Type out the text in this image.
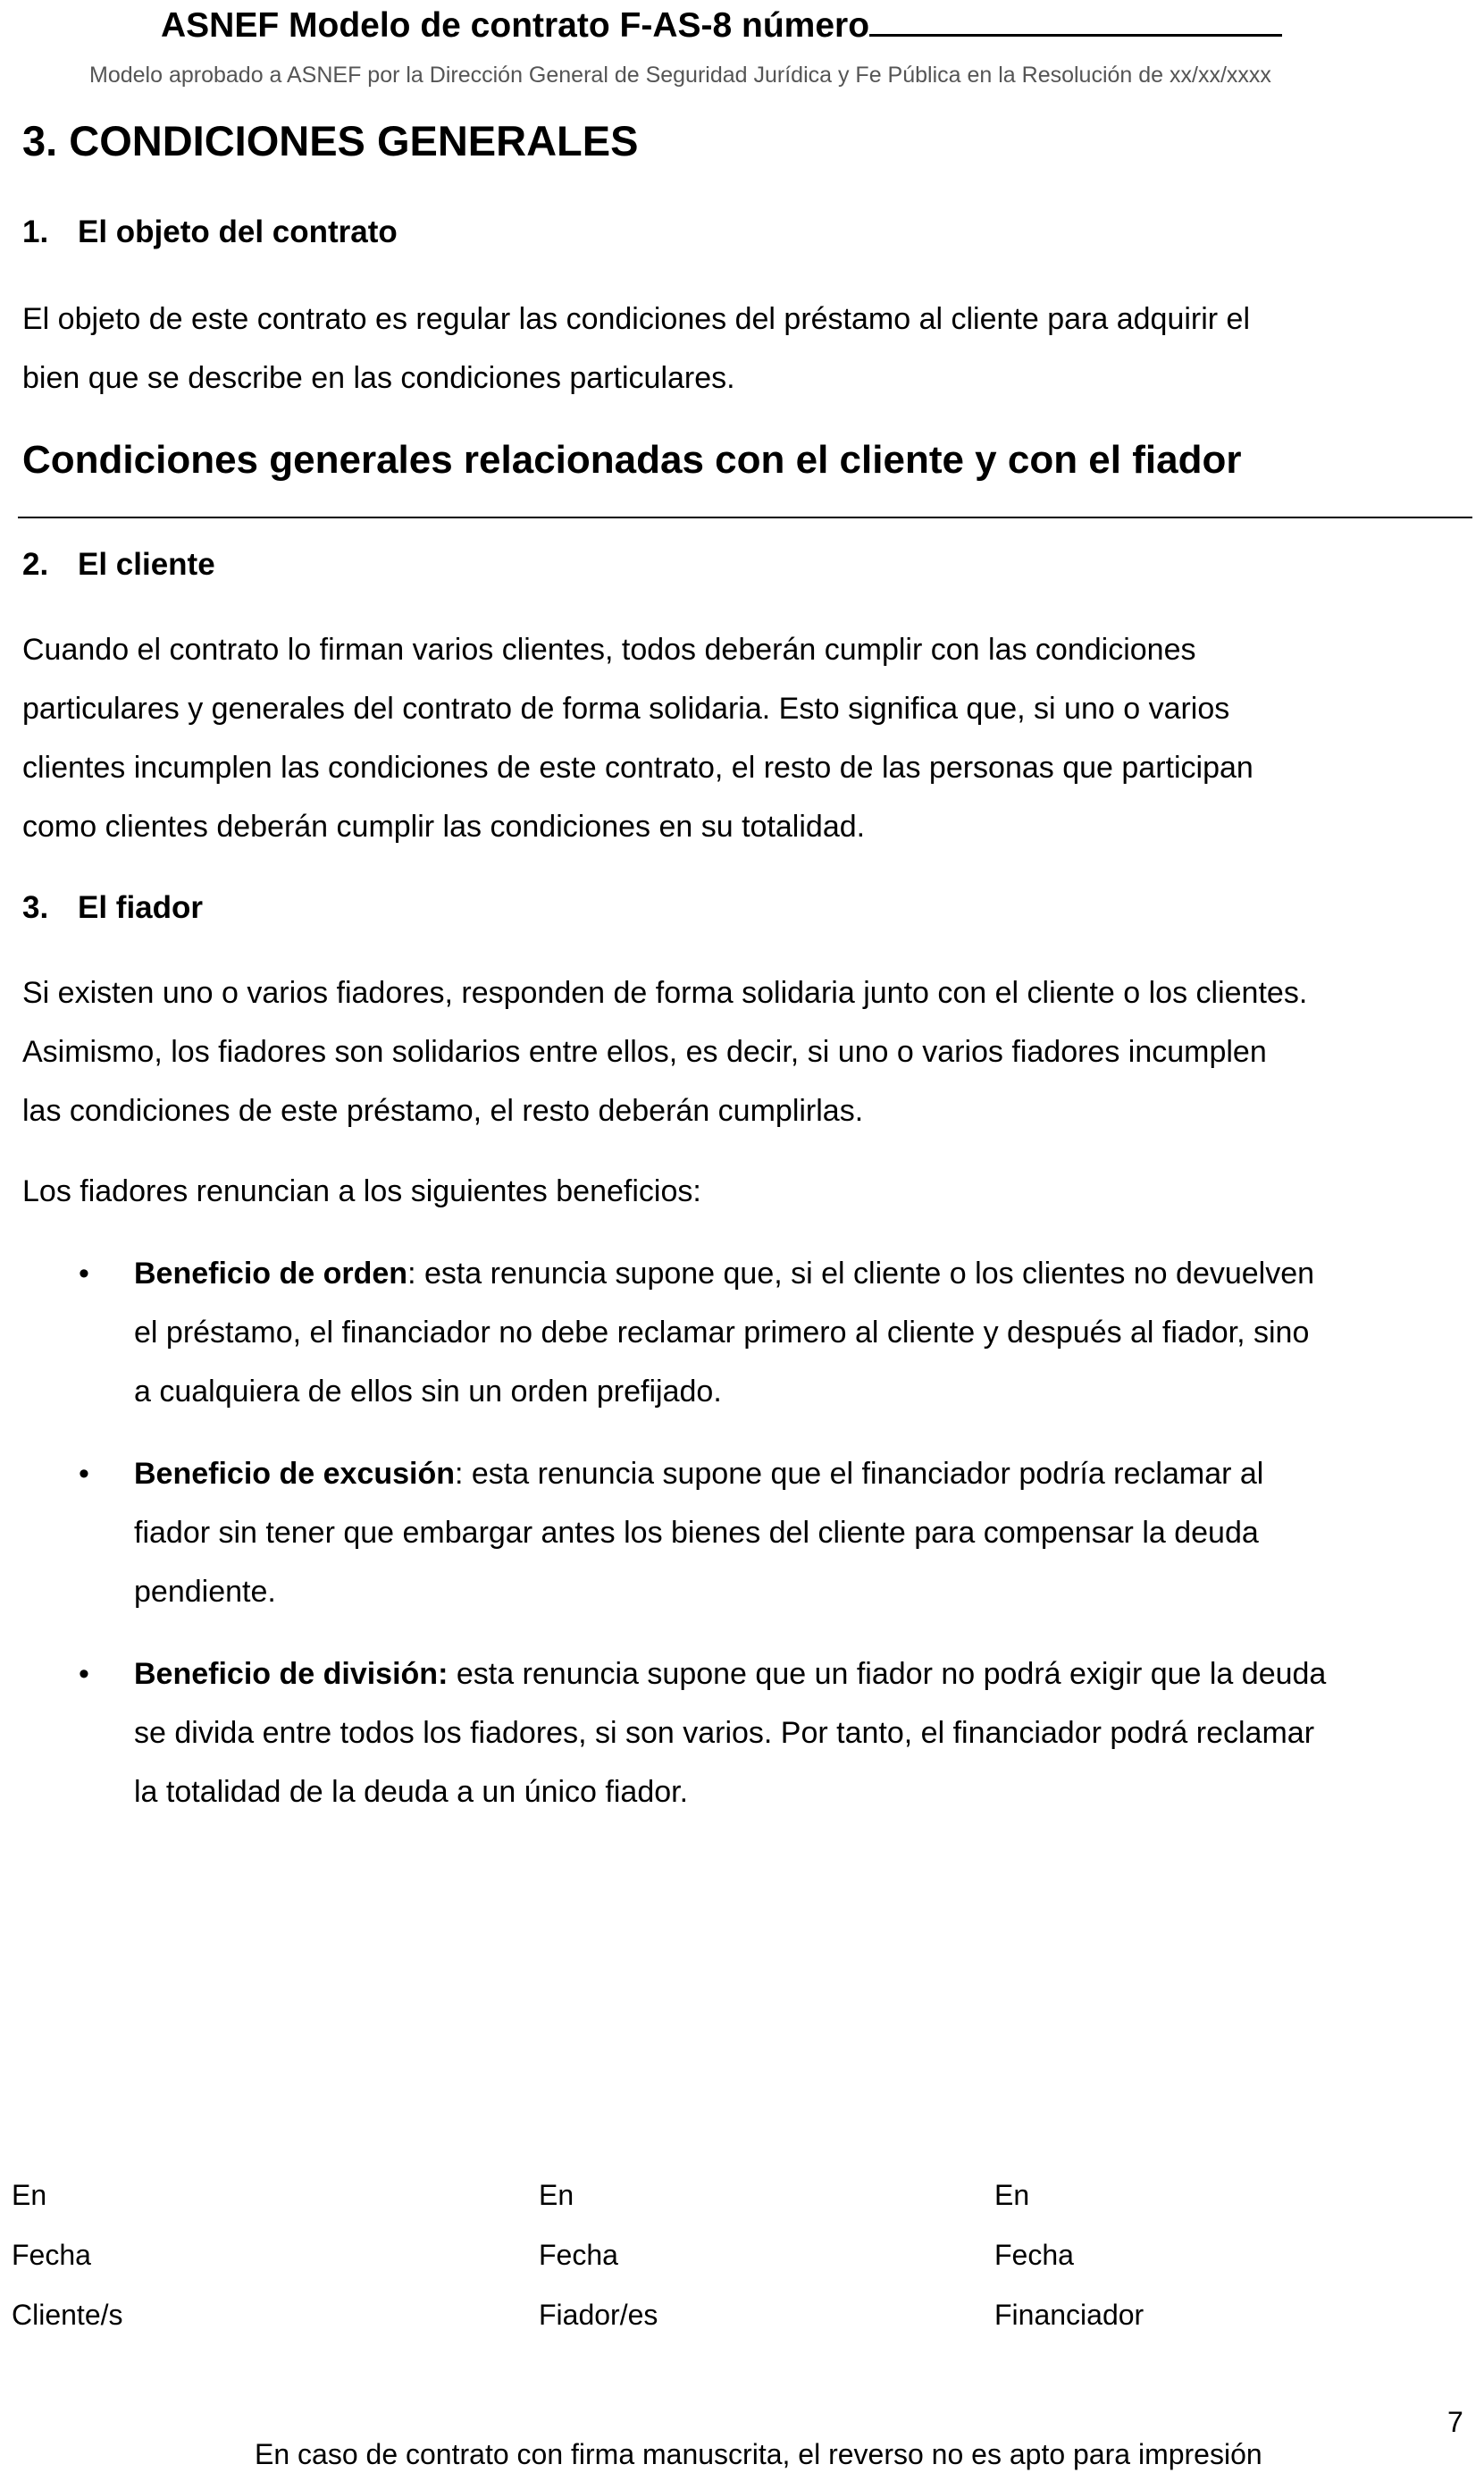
ASNEF Modelo de contrato F-AS-8 número
Modelo aprobado a ASNEF por la Dirección General de Seguridad Jurídica y Fe Pública en la Resolución de xx/xx/xxxx
3. CONDICIONES GENERALES
1. El objeto del contrato
El objeto de este contrato es regular las condiciones del préstamo al cliente para adquirir el
bien que se describe en las condiciones particulares.
Condiciones generales relacionadas con el cliente y con el fiador
2. El cliente
Cuando el contrato lo firman varios clientes, todos deberán cumplir con las condiciones
particulares y generales del contrato de forma solidaria. Esto significa que, si uno o varios
clientes incumplen las condiciones de este contrato, el resto de las personas que participan
como clientes deberán cumplir las condiciones en su totalidad.
3. El fiador
Si existen uno o varios fiadores, responden de forma solidaria junto con el cliente o los clientes.
Asimismo, los fiadores son solidarios entre ellos, es decir, si uno o varios fiadores incumplen
las condiciones de este préstamo, el resto deberán cumplirlas.
Los fiadores renuncian a los siguientes beneficios:
• Beneficio de orden: esta renuncia supone que, si el cliente o los clientes no devuelven
el préstamo, el financiador no debe reclamar primero al cliente y después al fiador, sino
a cualquiera de ellos sin un orden prefijado.
• Beneficio de excusión: esta renuncia supone que el financiador podría reclamar al
fiador sin tener que embargar antes los bienes del cliente para compensar la deuda
pendiente.
• Beneficio de división: esta renuncia supone que un fiador no podrá exigir que la deuda
se divida entre todos los fiadores, si son varios. Por tanto, el financiador podrá reclamar
la totalidad de la deuda a un único fiador.
En
Fecha
Cliente/s
En
Fecha
Fiador/es
En
Fecha
Financiador
7
En caso de contrato con firma manuscrita, el reverso no es apto para impresión
